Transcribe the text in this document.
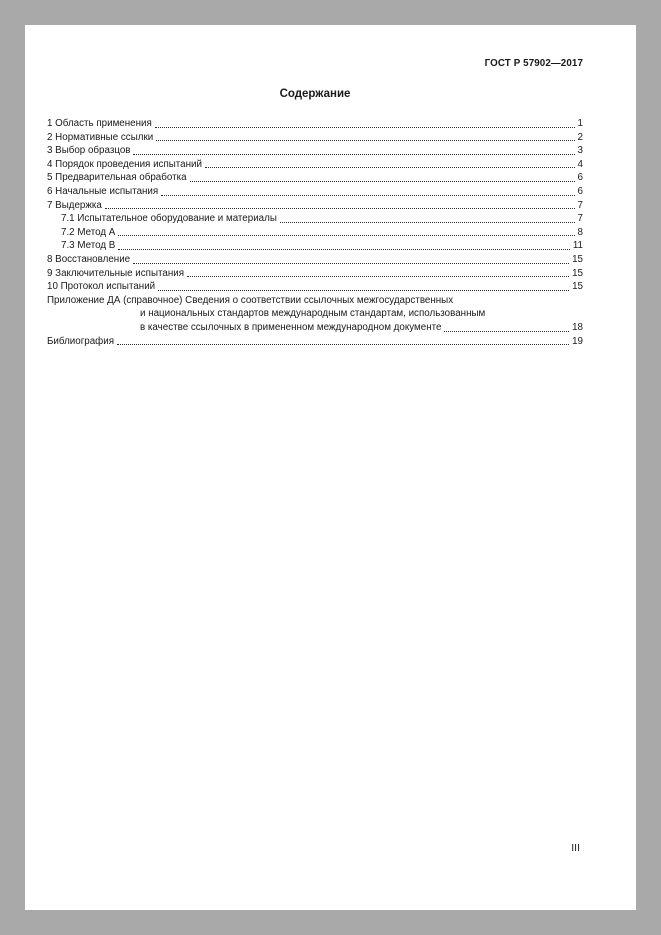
ГОСТ Р 57902—2017
Содержание
1 Область применения	1
2 Нормативные ссылки	2
3 Выбор образцов	3
4 Порядок проведения испытаний	4
5 Предварительная обработка	6
6 Начальные испытания	6
7 Выдержка	7
7.1 Испытательное оборудование и материалы	7
7.2 Метод А	8
7.3 Метод В	11
8 Восстановление	15
9 Заключительные испытания	15
10 Протокол испытаний	15
Приложение ДА (справочное) Сведения о соответствии ссылочных межгосударственных
и национальных стандартов международным стандартам, использованным
в качестве ссылочных в примененном международном документе	18
Библиография	19
III
